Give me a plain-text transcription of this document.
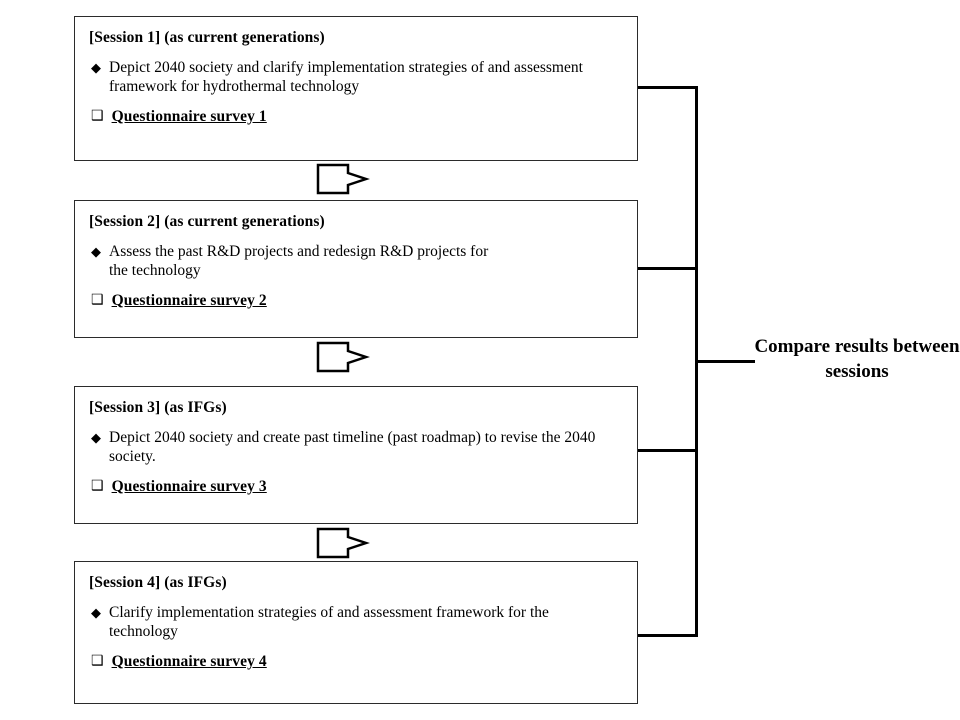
[Session 1] (as current generations)
◆ Depict 2040 society and clarify implementation strategies of and assessment framework for hydrothermal technology
❑ Questionnaire survey 1
[Session 2] (as current generations)
◆ Assess the past R&D projects and redesign R&D projects for the technology
❑ Questionnaire survey 2
[Session 3] (as IFGs)
◆ Depict 2040 society and create past timeline (past roadmap) to revise the 2040 society.
❑ Questionnaire survey 3
[Session 4] (as IFGs)
◆ Clarify implementation strategies of and assessment framework for the technology
❑ Questionnaire survey 4
Compare results between sessions
